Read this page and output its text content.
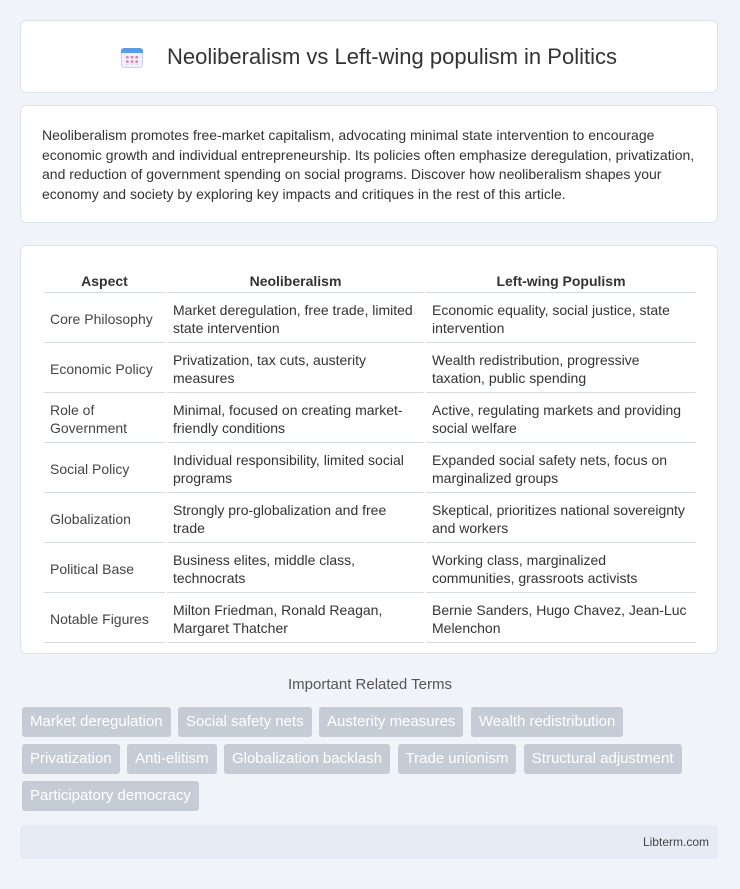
Neoliberalism vs Left-wing populism in Politics

Neoliberalism promotes free-market capitalism, advocating minimal state intervention to encourage economic growth and individual entrepreneurship. Its policies often emphasize deregulation, privatization, and reduction of government spending on social programs. Discover how neoliberalism shapes your economy and society by exploring key impacts and critiques in the rest of this article.

Aspect	Neoliberalism	Left-wing Populism
Core Philosophy	Market deregulation, free trade, limited state intervention	Economic equality, social justice, state intervention
Economic Policy	Privatization, tax cuts, austerity measures	Wealth redistribution, progressive taxation, public spending
Role of Government	Minimal, focused on creating market-friendly conditions	Active, regulating markets and providing social welfare
Social Policy	Individual responsibility, limited social programs	Expanded social safety nets, focus on marginalized groups
Globalization	Strongly pro-globalization and free trade	Skeptical, prioritizes national sovereignty and workers
Political Base	Business elites, middle class, technocrats	Working class, marginalized communities, grassroots activists
Notable Figures	Milton Friedman, Ronald Reagan, Margaret Thatcher	Bernie Sanders, Hugo Chavez, Jean-Luc Melenchon
Important Related Terms
Market deregulation Social safety nets Austerity measures Wealth redistribution Privatization Anti-elitism Globalization backlash Trade unionism Structural adjustment Participatory democracy
Libterm.com
